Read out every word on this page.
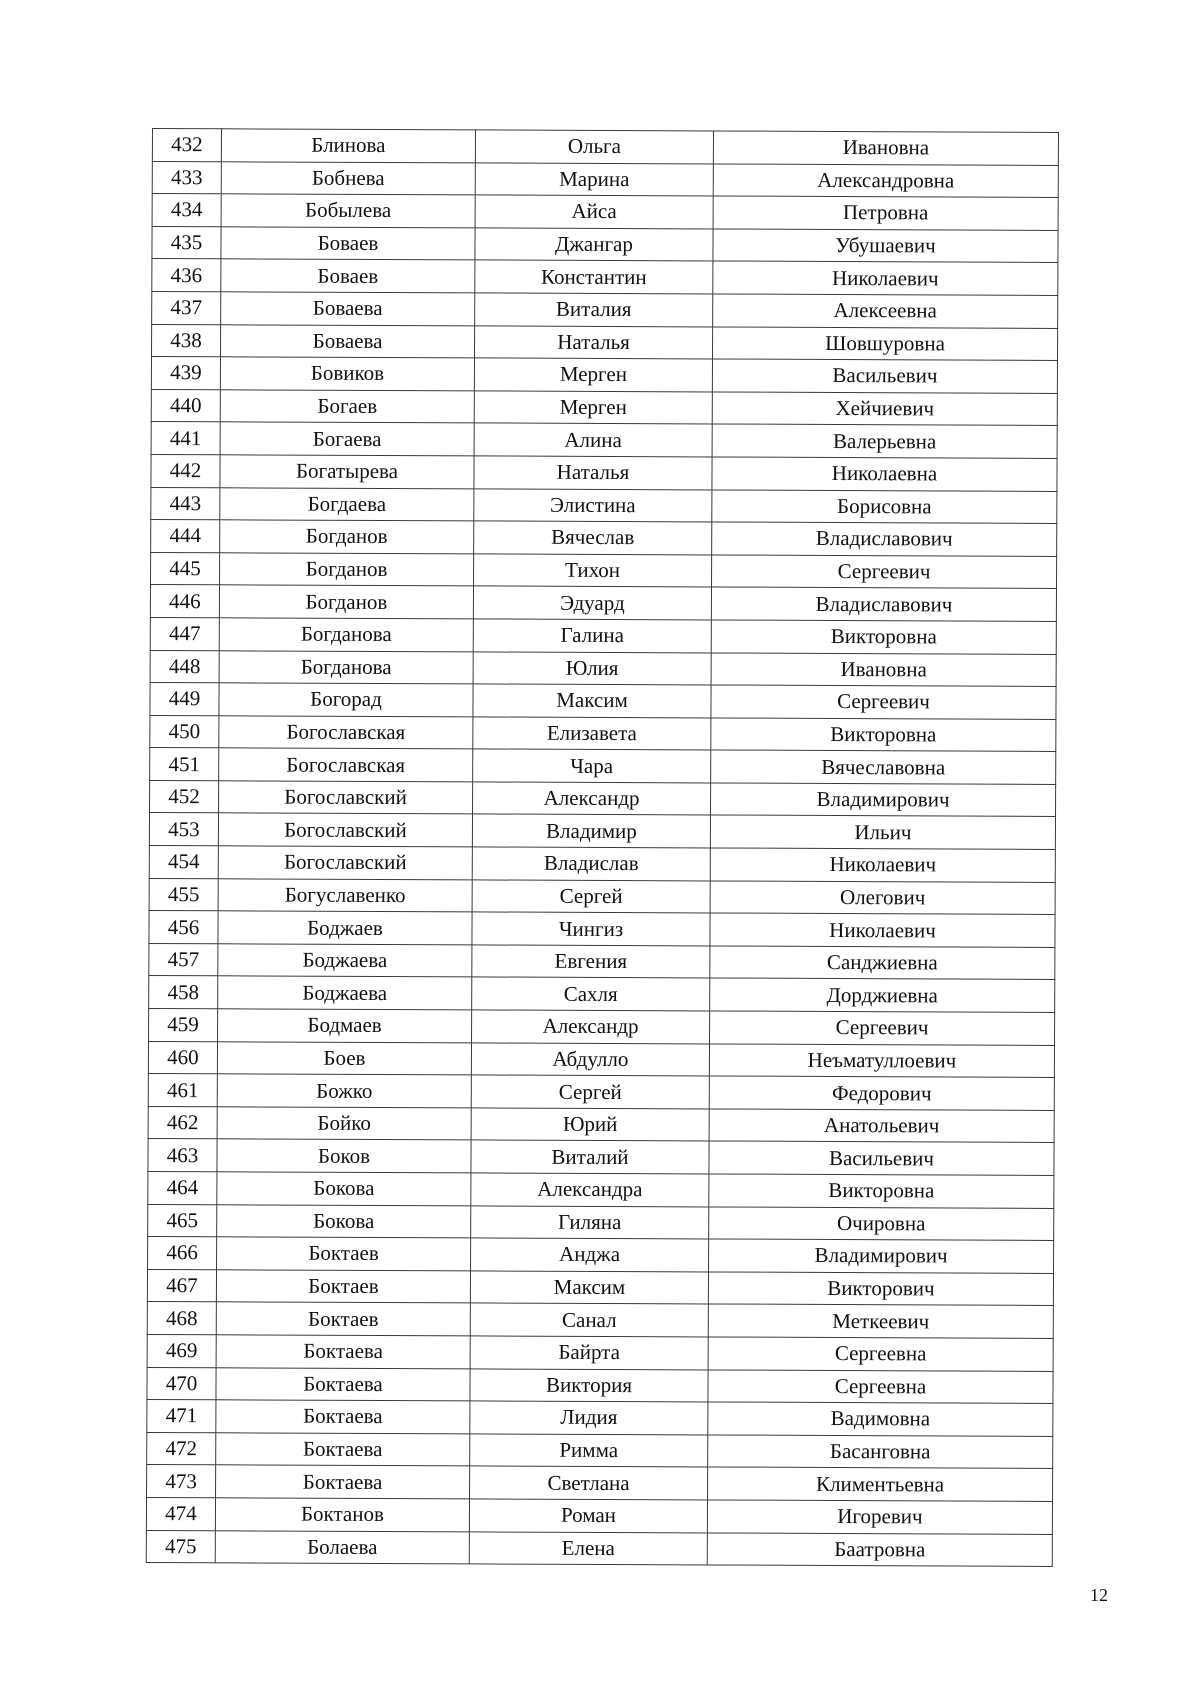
432	Блинова	Ольга	Ивановна
433	Бобнева	Марина	Александровна
434	Бобылева	Айса	Петровна
435	Боваев	Джангар	Убушаевич
436	Боваев	Константин	Николаевич
437	Боваева	Виталия	Алексеевна
438	Боваева	Наталья	Шовшуровна
439	Бовиков	Мерген	Васильевич
440	Богаев	Мерген	Хейчиевич
441	Богаева	Алина	Валерьевна
442	Богатырева	Наталья	Николаевна
443	Богдаева	Элистина	Борисовна
444	Богданов	Вячеслав	Владиславович
445	Богданов	Тихон	Сергеевич
446	Богданов	Эдуард	Владиславович
447	Богданова	Галина	Викторовна
448	Богданова	Юлия	Ивановна
449	Богорад	Максим	Сергеевич
450	Богославская	Елизавета	Викторовна
451	Богославская	Чара	Вячеславовна
452	Богославский	Александр	Владимирович
453	Богославский	Владимир	Ильич
454	Богославский	Владислав	Николаевич
455	Богуславенко	Сергей	Олегович
456	Боджаев	Чингиз	Николаевич
457	Боджаева	Евгения	Санджиевна
458	Боджаева	Сахля	Дорджиевна
459	Бодмаев	Александр	Сергеевич
460	Боев	Абдулло	Неъматуллоевич
461	Божко	Сергей	Федорович
462	Бойко	Юрий	Анатольевич
463	Боков	Виталий	Васильевич
464	Бокова	Александра	Викторовна
465	Бокова	Гиляна	Очировна
466	Боктаев	Анджа	Владимирович
467	Боктаев	Максим	Викторович
468	Боктаев	Санал	Меткеевич
469	Боктаева	Байрта	Сергеевна
470	Боктаева	Виктория	Сергеевна
471	Боктаева	Лидия	Вадимовна
472	Боктаева	Римма	Басанговна
473	Боктаева	Светлана	Климентьевна
474	Боктанов	Роман	Игоревич
475	Болаева	Елена	Баатровна
12
